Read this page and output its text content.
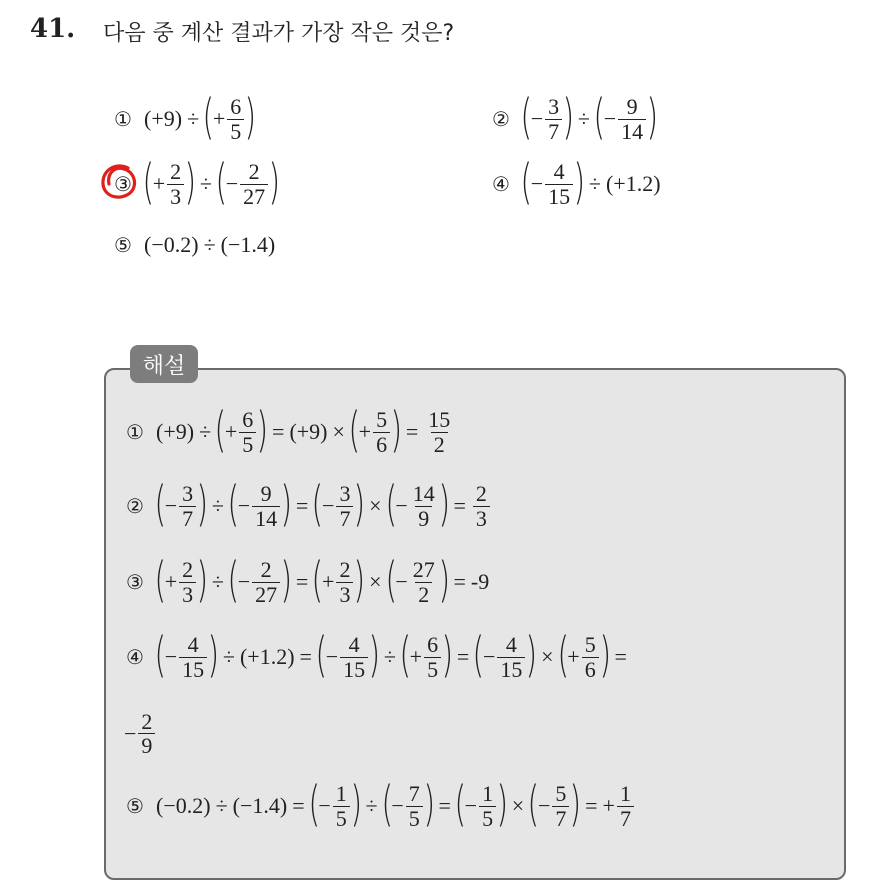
41. 다음 중 계산 결과가 가장 작은 것은?
① (+9) ÷ (
+ $\frac{6}{5}$ )	② (
− $\frac{3}{7}$ ) ÷ (
− $\frac{9}{14}$ )
③ (
+ $\frac{2}{3}$ ) ÷ (
− $\frac{2}{27}$ )	④ (
− $\frac{4}{15}$ ) ÷ (+1.2)
⑤ (−0.2) ÷ (−1.4)
해설
① (+9) ÷ (
+ $\frac{6}{5}$ ) = (+9) × (
+ $\frac{5}{6}$ ) = $\frac{15}{2}$
② (
− $\frac{3}{7}$ ) ÷ (
− $\frac{9}{14}$ ) = (
− $\frac{3}{7}$ ) × (
− $\frac{14}{9}$ ) = $\frac{2}{3}$
③ (
+ $\frac{2}{3}$ ) ÷ (
− $\frac{2}{27}$ ) = (
+ $\frac{2}{3}$ ) × (
− $\frac{27}{2}$ ) = -9
④ (
− $\frac{4}{15}$ ) ÷ (+1.2) = (
− $\frac{4}{15}$ ) ÷ (
+ $\frac{6}{5}$ ) = (
− $\frac{4}{15}$ ) × (
+ $\frac{5}{6}$ ) =
− $\frac{2}{9}$
⑤ (−0.2) ÷ (−1.4) = (
− $\frac{1}{5}$ ) ÷ (
− $\frac{7}{5}$ ) = (
− $\frac{1}{5}$ ) × (
− $\frac{5}{7}$ ) = + $\frac{1}{7}$
